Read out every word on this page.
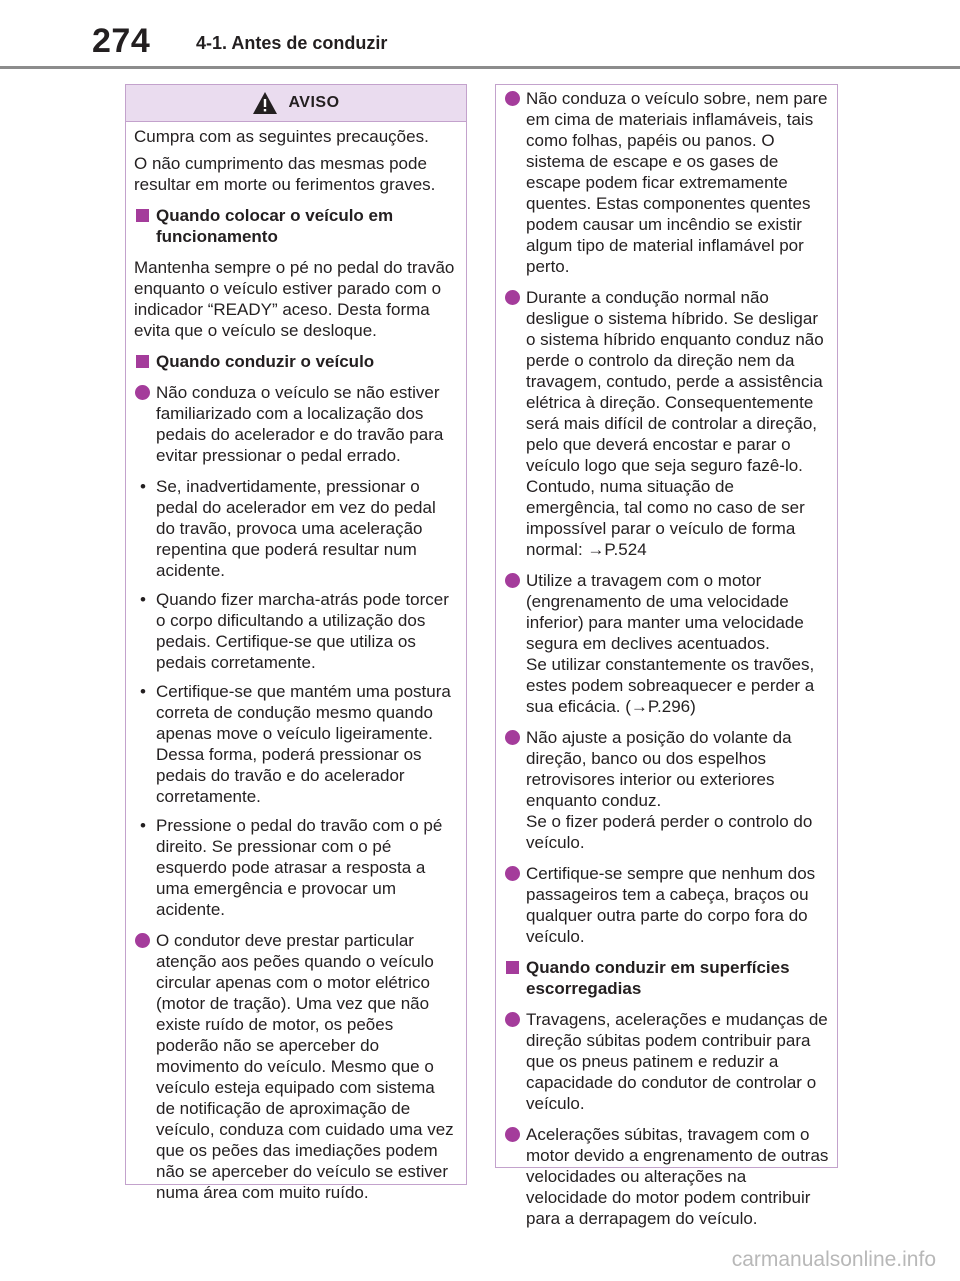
274	4-1. Antes de conduzir
AVISO

Cumpra com as seguintes precauções.

O não cumprimento das mesmas pode resultar em morte ou ferimentos graves.

Quando colocar o veículo em funcionamento

Mantenha sempre o pé no pedal do travão enquanto o veículo estiver parado com o indicador “READY” aceso. Desta forma evita que o veículo se desloque.

Quando conduzir o veículo
Não conduza o veículo se não estiver familiarizado com a localização dos pedais do acelerador e do travão para evitar pressionar o pedal errado.
• Se, inadvertidamente, pressionar o pedal do acelerador em vez do pedal do travão, provoca uma aceleração repentina que poderá resultar num acidente.
• Quando fizer marcha-atrás pode torcer o corpo dificultando a utilização dos pedais. Certifique-se que utiliza os pedais corretamente.
• Certifique-se que mantém uma postura correta de condução mesmo quando apenas move o veículo ligeiramente. Dessa forma, poderá pressionar os pedais do travão e do acelerador corretamente.
• Pressione o pedal do travão com o pé direito. Se pressionar com o pé esquerdo pode atrasar a resposta a uma emergência e provocar um acidente.
O condutor deve prestar particular atenção aos peões quando o veículo circular apenas com o motor elétrico (motor de tração). Uma vez que não existe ruído de motor, os peões poderão não se aperceber do movimento do veículo. Mesmo que o veículo esteja equipado com sistema de notificação de aproximação de veículo, conduza com cuidado uma vez que os peões das imediações podem não se aperceber do veículo se estiver numa área com muito ruído.
Não conduza o veículo sobre, nem pare em cima de materiais inflamáveis, tais como folhas, papéis ou panos. O sistema de escape e os gases de escape podem ficar extremamente quentes. Estas componentes quentes podem causar um incêndio se existir algum tipo de material inflamável por perto.
Durante a condução normal não desligue o sistema híbrido. Se desligar o sistema híbrido enquanto conduz não perde o controlo da direção nem da travagem, contudo, perde a assistência elétrica à direção. Consequentemente será mais difícil de controlar a direção, pelo que deverá encostar e parar o veículo logo que seja seguro fazê-lo. Contudo, numa situação de emergência, tal como no caso de ser impossível parar o veículo de forma normal: →P.524
Utilize a travagem com o motor (engrenamento de uma velocidade inferior) para manter uma velocidade segura em declives acentuados.
Se utilizar constantemente os travões, estes podem sobreaquecer e perder a sua eficácia. (→P.296)
Não ajuste a posição do volante da direção, banco ou dos espelhos retrovisores interior ou exteriores enquanto conduz.
Se o fizer poderá perder o controlo do veículo.
Certifique-se sempre que nenhum dos passageiros tem a cabeça, braços ou qualquer outra parte do corpo fora do veículo.
Quando conduzir em superfícies escorregadias
Travagens, acelerações e mudanças de direção súbitas podem contribuir para que os pneus patinem e reduzir a capacidade do condutor de controlar o veículo.
Acelerações súbitas, travagem com o motor devido a engrenamento de outras velocidades ou alterações na velocidade do motor podem contribuir para a derrapagem do veículo.
carmanualsonline.info
